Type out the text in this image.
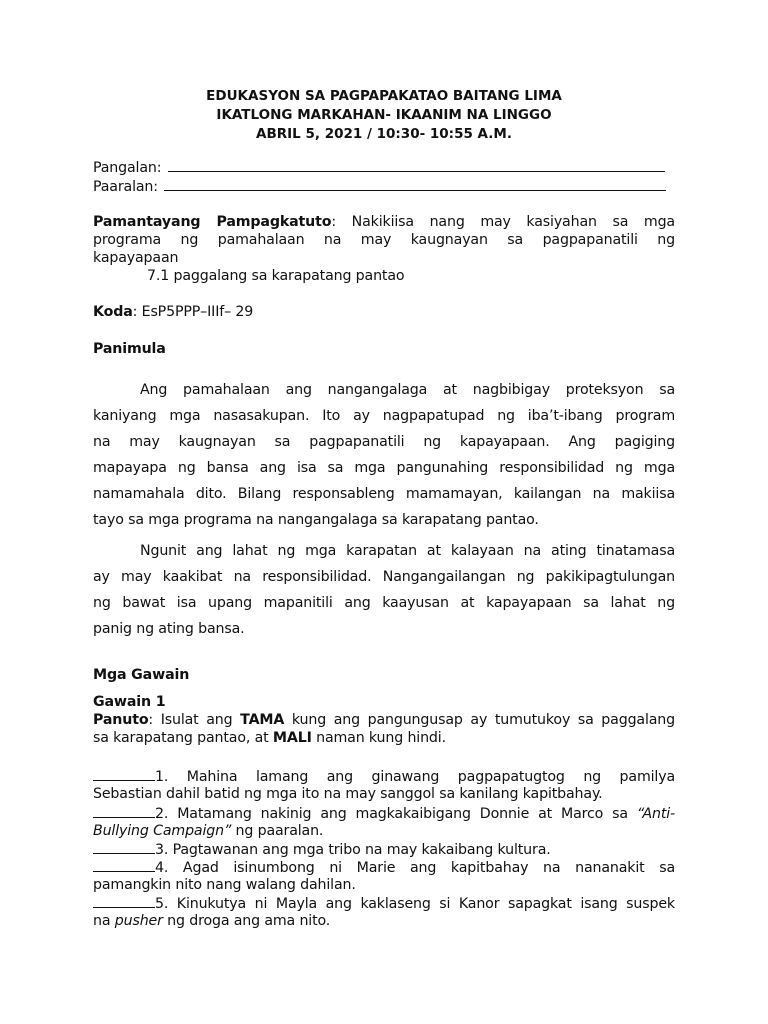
EDUKASYON SA PAGPAPAKATAO BAITANG LIMA
IKATLONG MARKAHAN- IKAANIM NA LINGGO
ABRIL 5, 2021 / 10:30- 10:55 A.M.
Pangalan:
Paaralan:
Pamantayang Pampagkatuto: Nakikiisa nang may kasiyahan sa mga
programa ng pamahalaan na may kaugnayan sa pagpapanatili ng
kapayapaan
7.1 paggalang sa karapatang pantao
Koda: EsP5PPP–IIIf– 29
Panimula
Ang pamahalaan ang nangangalaga at nagbibigay proteksyon sa
kaniyang mga nasasakupan. Ito ay nagpapatupad ng iba’t-ibang program
na may kaugnayan sa pagpapanatili ng kapayapaan. Ang pagiging
mapayapa ng bansa ang isa sa mga pangunahing responsibilidad ng mga
namamahala dito. Bilang responsableng mamamayan, kailangan na makiisa
tayo sa mga programa na nangangalaga sa karapatang pantao.
Ngunit ang lahat ng mga karapatan at kalayaan na ating tinatamasa
ay may kaakibat na responsibilidad. Nangangailangan ng pakikipagtulungan
ng bawat isa upang mapanitili ang kaayusan at kapayapaan sa lahat ng
panig ng ating bansa.
Mga Gawain
Gawain 1
Panuto: Isulat ang TAMA kung ang pangungusap ay tumutukoy sa paggalang
sa karapatang pantao, at MALI naman kung hindi.
1. Mahina lamang ang ginawang pagpapatugtog ng pamilya
Sebastian dahil batid ng mga ito na may sanggol sa kanilang kapitbahay.
2. Matamang nakinig ang magkakaibigang Donnie at Marco sa “Anti-
Bullying Campaign” ng paaralan.
3. Pagtawanan ang mga tribo na may kakaibang kultura.
4. Agad isinumbong ni Marie ang kapitbahay na nananakit sa
pamangkin nito nang walang dahilan.
5. Kinukutya ni Mayla ang kaklaseng si Kanor sapagkat isang suspek
na pusher ng droga ang ama nito.
